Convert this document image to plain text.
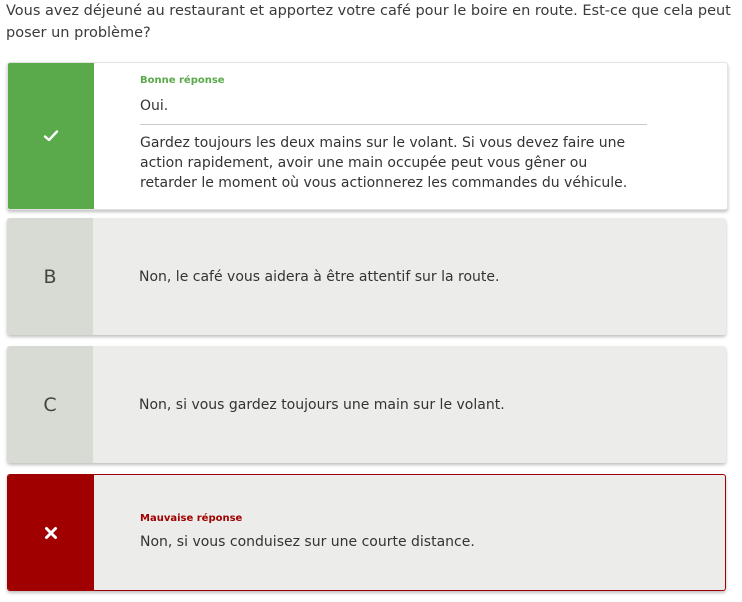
Vous avez déjeuné au restaurant et apportez votre café pour le boire en route. Est-ce que cela peut poser un problème?
Bonne réponse
Oui.
Gardez toujours les deux mains sur le volant. Si vous devez faire une action rapidement, avoir une main occupée peut vous gêner ou retarder le moment où vous actionnerez les commandes du véhicule.
B	Non, le café vous aidera à être attentif sur la route.
C	Non, si vous gardez toujours une main sur le volant.
Mauvaise réponse
Non, si vous conduisez sur une courte distance.
